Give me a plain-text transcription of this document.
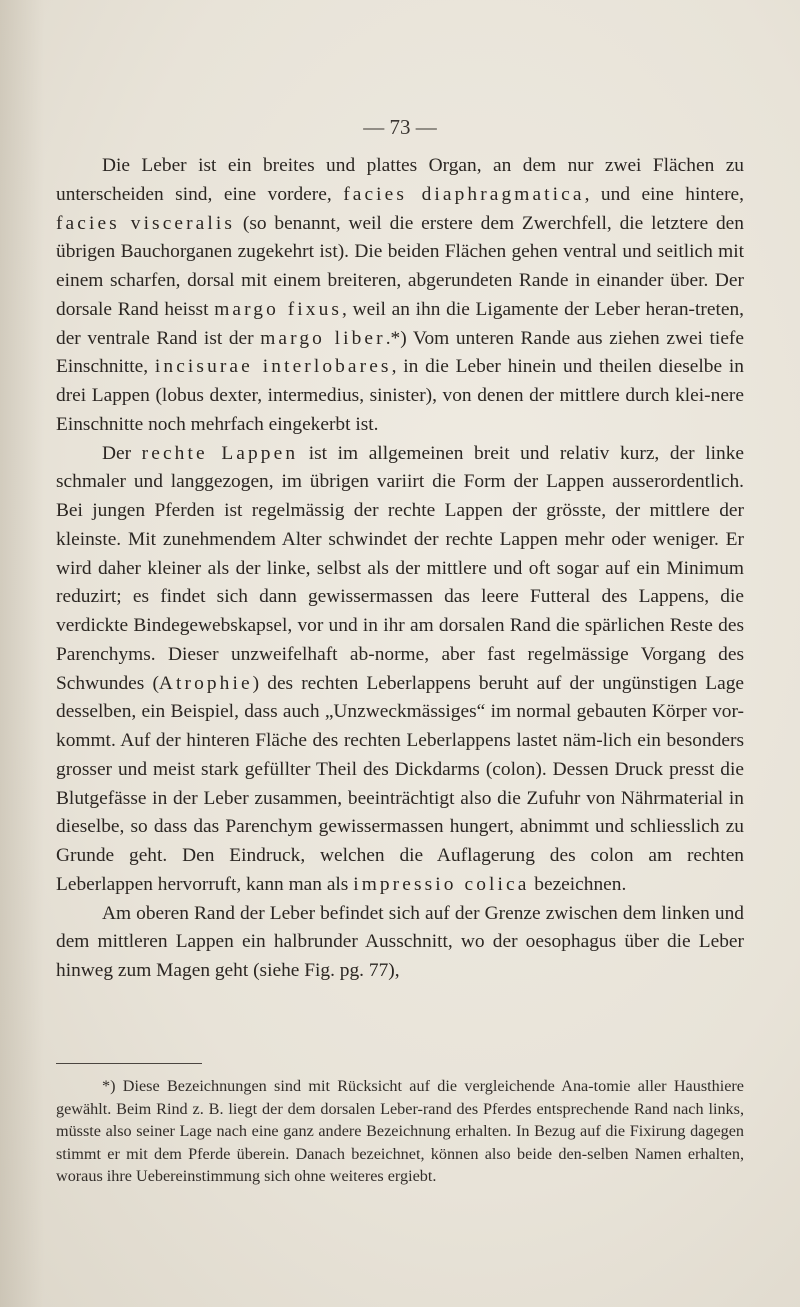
— 73 —

Die Leber ist ein breites und plattes Organ, an dem nur zwei Flächen zu unterscheiden sind, eine vordere, facies diaphragmatica, und eine hintere, facies visceralis (so benannt, weil die erstere dem Zwerchfell, die letztere den übrigen Bauchorganen zugekehrt ist). Die beiden Flächen gehen ventral und seitlich mit einem scharfen, dorsal mit einem breiteren, abgerundeten Rande in einander über. Der dorsale Rand heisst margo fixus, weil an ihn die Ligamente der Leber heran-treten, der ventrale Rand ist der margo liber.*) Vom unteren Rande aus ziehen zwei tiefe Einschnitte, incisurae interlobares, in die Leber hinein und theilen dieselbe in drei Lappen (lobus dexter, intermedius, sinister), von denen der mittlere durch klei-nere Einschnitte noch mehrfach eingekerbt ist.

Der rechte Lappen ist im allgemeinen breit und relativ kurz, der linke schmaler und langgezogen, im übrigen variirt die Form der Lappen ausserordentlich. Bei jungen Pferden ist regelmässig der rechte Lappen der grösste, der mittlere der kleinste. Mit zunehmendem Alter schwindet der rechte Lappen mehr oder weniger. Er wird daher kleiner als der linke, selbst als der mittlere und oft sogar auf ein Minimum reduzirt; es findet sich dann gewissermassen das leere Futteral des Lappens, die verdickte Bindegewebskapsel, vor und in ihr am dorsalen Rand die spärlichen Reste des Parenchyms. Dieser unzweifelhaft ab-norme, aber fast regelmässige Vorgang des Schwundes (Atrophie) des rechten Leberlappens beruht auf der ungünstigen Lage desselben, ein Beispiel, dass auch „Unzweckmässiges“ im normal gebauten Körper vor-kommt. Auf der hinteren Fläche des rechten Leberlappens lastet näm-lich ein besonders grosser und meist stark gefüllter Theil des Dickdarms (colon). Dessen Druck presst die Blutgefässe in der Leber zusammen, beeinträchtigt also die Zufuhr von Nährmaterial in dieselbe, so dass das Parenchym gewissermassen hungert, abnimmt und schliesslich zu Grunde geht. Den Eindruck, welchen die Auflagerung des colon am rechten Leberlappen hervorruft, kann man als impressio colica bezeichnen.

Am oberen Rand der Leber befindet sich auf der Grenze zwischen dem linken und dem mittleren Lappen ein halbrunder Ausschnitt, wo der oesophagus über die Leber hinweg zum Magen geht (siehe Fig. pg. 77),

*) Diese Bezeichnungen sind mit Rücksicht auf die vergleichende Ana-tomie aller Hausthiere gewählt. Beim Rind z. B. liegt der dem dorsalen Leber-rand des Pferdes entsprechende Rand nach links, müsste also seiner Lage nach eine ganz andere Bezeichnung erhalten. In Bezug auf die Fixirung dagegen stimmt er mit dem Pferde überein. Danach bezeichnet, können also beide den-selben Namen erhalten, woraus ihre Uebereinstimmung sich ohne weiteres ergiebt.
